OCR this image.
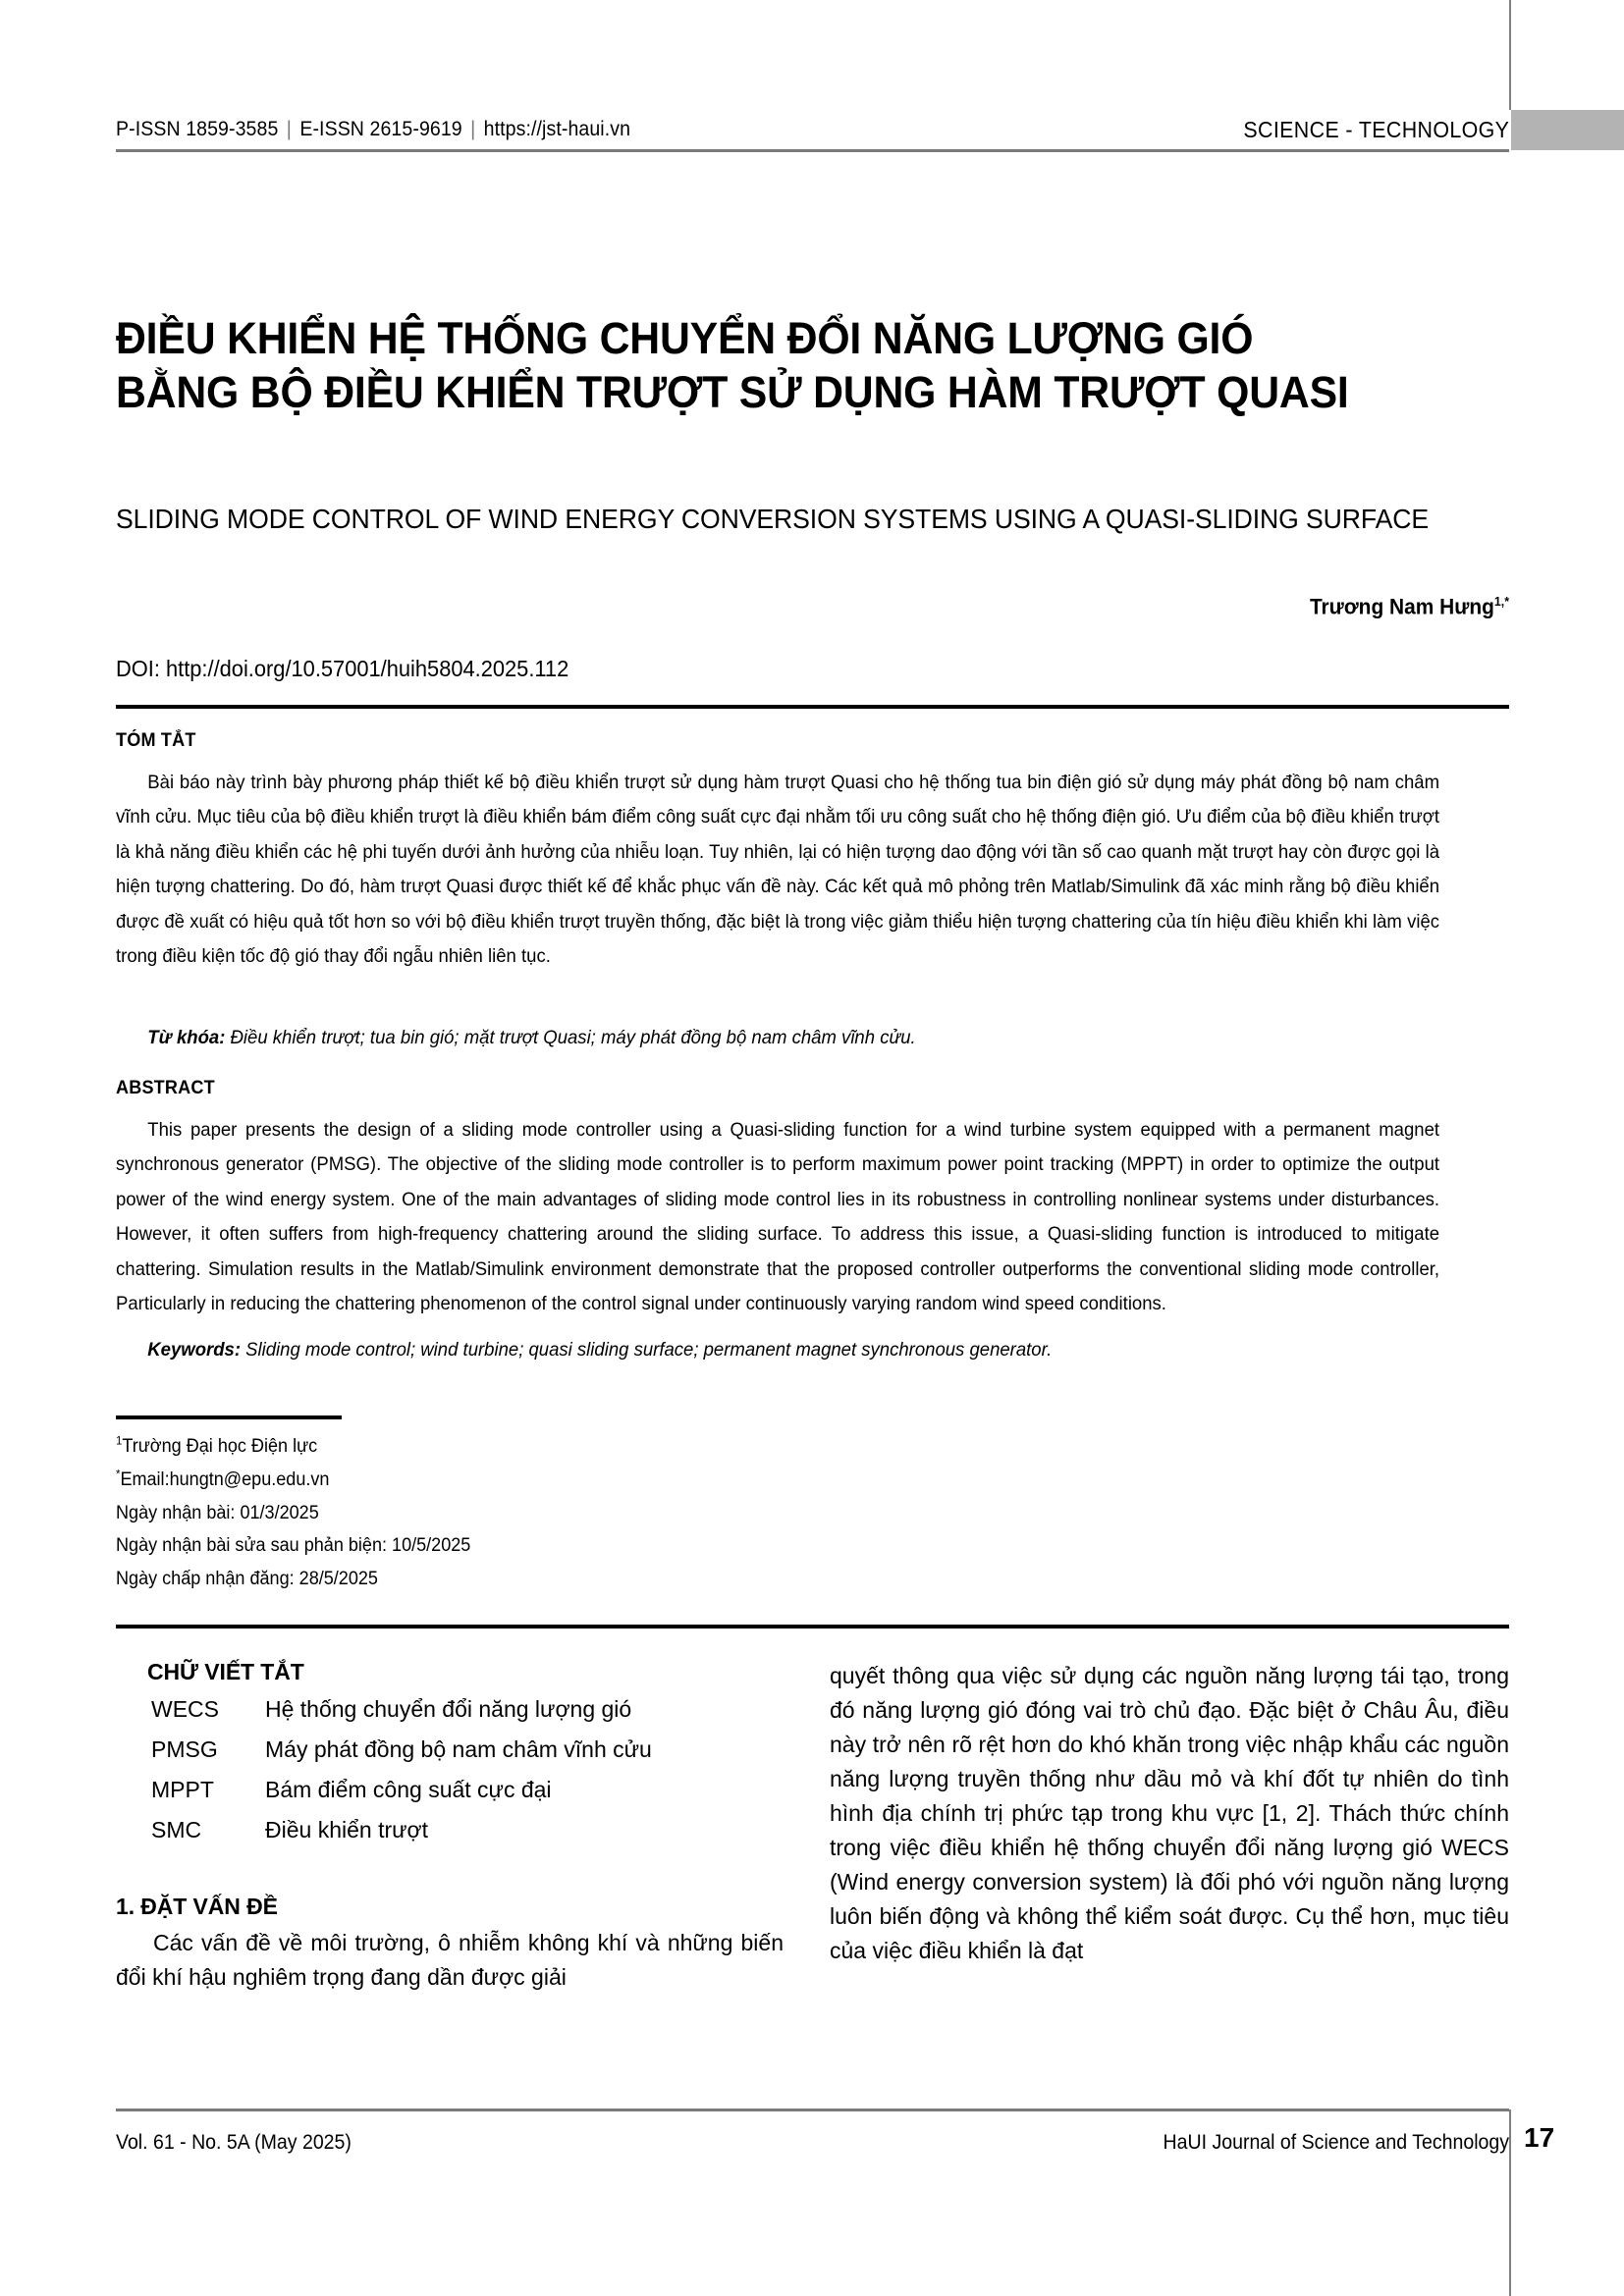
P-ISSN 1859-3585 | E-ISSN 2615-9619 | https://jst-haui.vn	SCIENCE - TECHNOLOGY
ĐIỀU KHIỂN HỆ THỐNG CHUYỂN ĐỔI NĂNG LƯỢNG GIÓ
BẰNG BỘ ĐIỀU KHIỂN TRƯỢT SỬ DỤNG HÀM TRƯỢT QUASI
SLIDING MODE CONTROL OF WIND ENERGY CONVERSION SYSTEMS USING A QUASI-SLIDING SURFACE
Trương Nam Hưng$^{1,*}$
DOI: http://doi.org/10.57001/huih5804.2025.112
TÓM TẮT

Bài báo này trình bày phương pháp thiết kế bộ điều khiển trượt sử dụng hàm trượt Quasi cho hệ thống tua bin điện gió sử dụng máy phát đồng bộ nam châm vĩnh cửu. Mục tiêu của bộ điều khiển trượt là điều khiển bám điểm công suất cực đại nhằm tối ưu công suất cho hệ thống điện gió. Ưu điểm của bộ điều khiển trượt là khả năng điều khiển các hệ phi tuyến dưới ảnh hưởng của nhiễu loạn. Tuy nhiên, lại có hiện tượng dao động với tần số cao quanh mặt trượt hay còn được gọi là hiện tượng chattering. Do đó, hàm trượt Quasi được thiết kế để khắc phục vấn đề này. Các kết quả mô phỏng trên Matlab/Simulink đã xác minh rằng bộ điều khiển được đề xuất có hiệu quả tốt hơn so với bộ điều khiển trượt truyền thống, đặc biệt là trong việc giảm thiểu hiện tượng chattering của tín hiệu điều khiển khi làm việc trong điều kiện tốc độ gió thay đổi ngẫu nhiên liên tục.

Từ khóa: Điều khiển trượt; tua bin gió; mặt trượt Quasi; máy phát đồng bộ nam châm vĩnh cửu.
ABSTRACT

This paper presents the design of a sliding mode controller using a Quasi-sliding function for a wind turbine system equipped with a permanent magnet synchronous generator (PMSG). The objective of the sliding mode controller is to perform maximum power point tracking (MPPT) in order to optimize the output power of the wind energy system. One of the main advantages of sliding mode control lies in its robustness in controlling nonlinear systems under disturbances. However, it often suffers from high-frequency chattering around the sliding surface. To address this issue, a Quasi-sliding function is introduced to mitigate chattering. Simulation results in the Matlab/Simulink environment demonstrate that the proposed controller outperforms the conventional sliding mode controller, Particularly in reducing the chattering phenomenon of the control signal under continuously varying random wind speed conditions.

Keywords: Sliding mode control; wind turbine; quasi sliding surface; permanent magnet synchronous generator.
$^1$Trường Đại học Điện lực
*Email:hungtn@epu.edu.vn
Ngày nhận bài: 01/3/2025
Ngày nhận bài sửa sau phản biện: 10/5/2025
Ngày chấp nhận đăng: 28/5/2025
CHỮ VIẾT TẮT
WECS	Hệ thống chuyển đổi năng lượng gió
PMSG	Máy phát đồng bộ nam châm vĩnh cửu
MPPT	Bám điểm công suất cực đại
SMC	Điều khiển trượt
1. ĐẶT VẤN ĐỀ

Các vấn đề về môi trường, ô nhiễm không khí và những biến đổi khí hậu nghiêm trọng đang dần được giải

quyết thông qua việc sử dụng các nguồn năng lượng tái tạo, trong đó năng lượng gió đóng vai trò chủ đạo. Đặc biệt ở Châu Âu, điều này trở nên rõ rệt hơn do khó khăn trong việc nhập khẩu các nguồn năng lượng truyền thống như dầu mỏ và khí đốt tự nhiên do tình hình địa chính trị phức tạp trong khu vực [1, 2]. Thách thức chính trong việc điều khiển hệ thống chuyển đổi năng lượng gió WECS (Wind energy conversion system) là đối phó với nguồn năng lượng luôn biến động và không thể kiểm soát được. Cụ thể hơn, mục tiêu của việc điều khiển là đạt

Vol. 61 - No. 5A (May 2025)	HaUI Journal of Science and Technology 17
